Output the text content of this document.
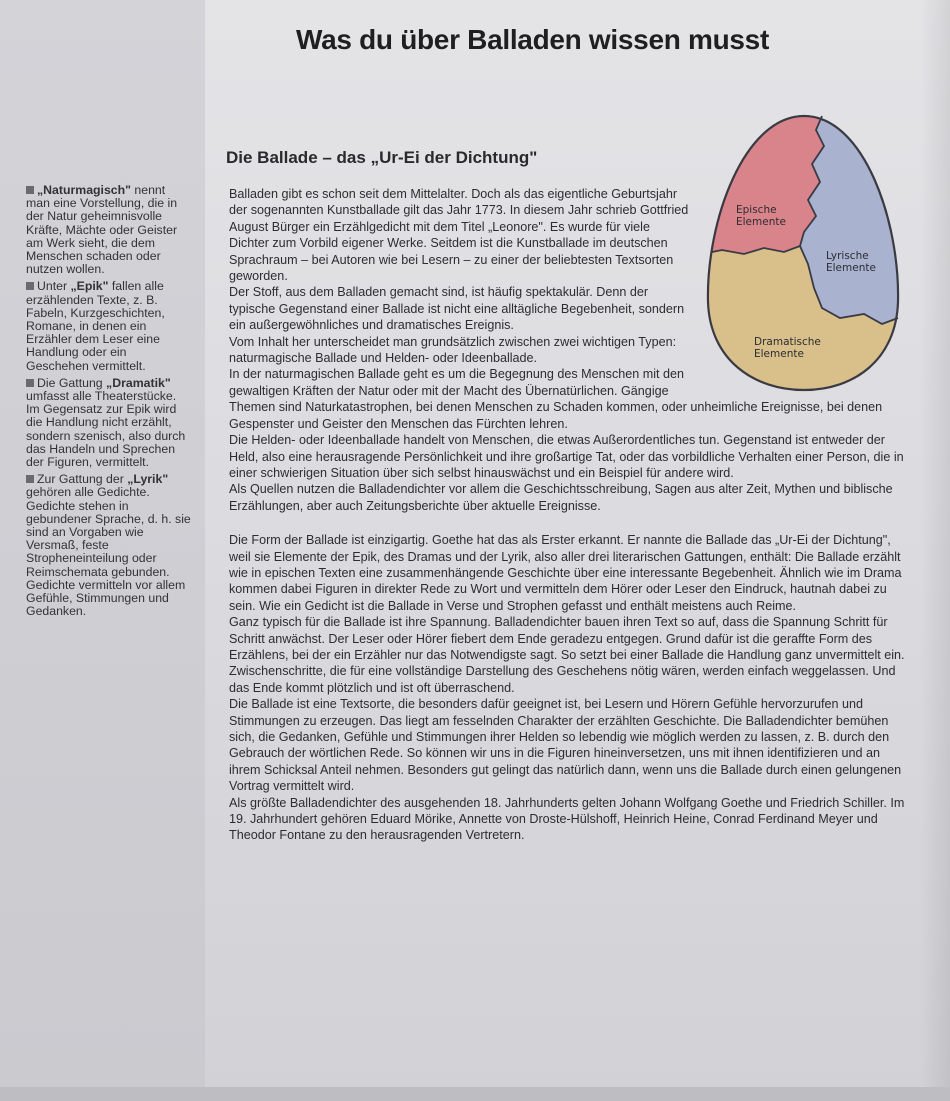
Was du über Balladen wissen musst
Die Ballade – das „Ur-Ei der Dichtung"

„Naturmagisch" nennt man eine Vorstellung, die in der Natur geheimnisvolle Kräfte, Mächte oder Geister am Werk sieht, die dem Menschen schaden oder nutzen wollen.

Unter „Epik" fallen alle erzählenden Texte, z. B. Fabeln, Kurzgeschichten, Romane, in denen ein Erzähler dem Leser eine Handlung oder ein Geschehen vermittelt.

Die Gattung „Dramatik" umfasst alle Theaterstücke. Im Gegensatz zur Epik wird die Handlung nicht erzählt, sondern szenisch, also durch das Handeln und Sprechen der Figuren, vermittelt.

Zur Gattung der „Lyrik" gehören alle Gedichte. Gedichte stehen in gebundener Sprache, d. h. sie sind an Vorgaben wie Versmaß, feste Stropheneinteilung oder Reimschemata gebunden. Gedichte vermitteln vor allem Gefühle, Stimmungen und Gedanken.

Epische
Elemente
Lyrische
Elemente
Dramatische
Elemente

Balladen gibt es schon seit dem Mittelalter. Doch als das eigentliche Geburtsjahr der sogenannten Kunstballade gilt das Jahr 1773. In diesem Jahr schrieb Gottfried August Bürger ein Erzählgedicht mit dem Titel „Leonore". Es wurde für viele Dichter zum Vorbild eigener Werke. Seitdem ist die Kunstballade im deutschen Sprachraum – bei Autoren wie bei Lesern – zu einer der beliebtesten Textsorten geworden.

Der Stoff, aus dem Balladen gemacht sind, ist häufig spektakulär. Denn der typische Gegenstand einer Ballade ist nicht eine alltägliche Begebenheit, sondern ein außergewöhnliches und dramatisches Ereignis.

Vom Inhalt her unterscheidet man grundsätzlich zwischen zwei wichtigen Typen: naturmagische Ballade und Helden- oder Ideenballade.

In der naturmagischen Ballade geht es um die Begegnung des Menschen mit den gewaltigen Kräften der Natur oder mit der Macht des Übernatürlichen. Gängige Themen sind Naturkatastrophen, bei denen Menschen zu Schaden kommen, oder unheimliche Ereignisse, bei denen Gespenster und Geister den Menschen das Fürchten lehren.

Die Helden- oder Ideenballade handelt von Menschen, die etwas Außerordentliches tun. Gegenstand ist entweder der Held, also eine herausragende Persönlichkeit und ihre großartige Tat, oder das vorbildliche Verhalten einer Person, die in einer schwierigen Situation über sich selbst hinauswächst und ein Beispiel für andere wird.

Als Quellen nutzen die Balladendichter vor allem die Geschichtsschreibung, Sagen aus alter Zeit, Mythen und biblische Erzählungen, aber auch Zeitungsberichte über aktuelle Ereignisse.

Die Form der Ballade ist einzigartig. Goethe hat das als Erster erkannt. Er nannte die Ballade das „Ur-Ei der Dichtung", weil sie Elemente der Epik, des Dramas und der Lyrik, also aller drei literarischen Gattungen, enthält: Die Ballade erzählt wie in epischen Texten eine zusammenhängende Geschichte über eine interessante Begebenheit. Ähnlich wie im Drama kommen dabei Figuren in direkter Rede zu Wort und vermitteln dem Hörer oder Leser den Eindruck, hautnah dabei zu sein. Wie ein Gedicht ist die Ballade in Verse und Strophen gefasst und enthält meistens auch Reime.

Ganz typisch für die Ballade ist ihre Spannung. Balladendichter bauen ihren Text so auf, dass die Spannung Schritt für Schritt anwächst. Der Leser oder Hörer fiebert dem Ende geradezu entgegen. Grund dafür ist die geraffte Form des Erzählens, bei der ein Erzähler nur das Notwendigste sagt. So setzt bei einer Ballade die Handlung ganz unvermittelt ein. Zwischenschritte, die für eine vollständige Darstellung des Geschehens nötig wären, werden einfach weggelassen. Und das Ende kommt plötzlich und ist oft überraschend.

Die Ballade ist eine Textsorte, die besonders dafür geeignet ist, bei Lesern und Hörern Gefühle hervorzurufen und Stimmungen zu erzeugen. Das liegt am fesselnden Charakter der erzählten Geschichte. Die Balladendichter bemühen sich, die Gedanken, Gefühle und Stimmungen ihrer Helden so lebendig wie möglich werden zu lassen, z. B. durch den Gebrauch der wörtlichen Rede. So können wir uns in die Figuren hineinversetzen, uns mit ihnen identifizieren und an ihrem Schicksal Anteil nehmen. Besonders gut gelingt das natürlich dann, wenn uns die Ballade durch einen gelungenen Vortrag vermittelt wird.

Als größte Balladendichter des ausgehenden 18. Jahrhunderts gelten Johann Wolfgang Goethe und Friedrich Schiller. Im 19. Jahrhundert gehören Eduard Mörike, Annette von Droste-Hülshoff, Heinrich Heine, Conrad Ferdinand Meyer und Theodor Fontane zu den herausragenden Vertretern.
